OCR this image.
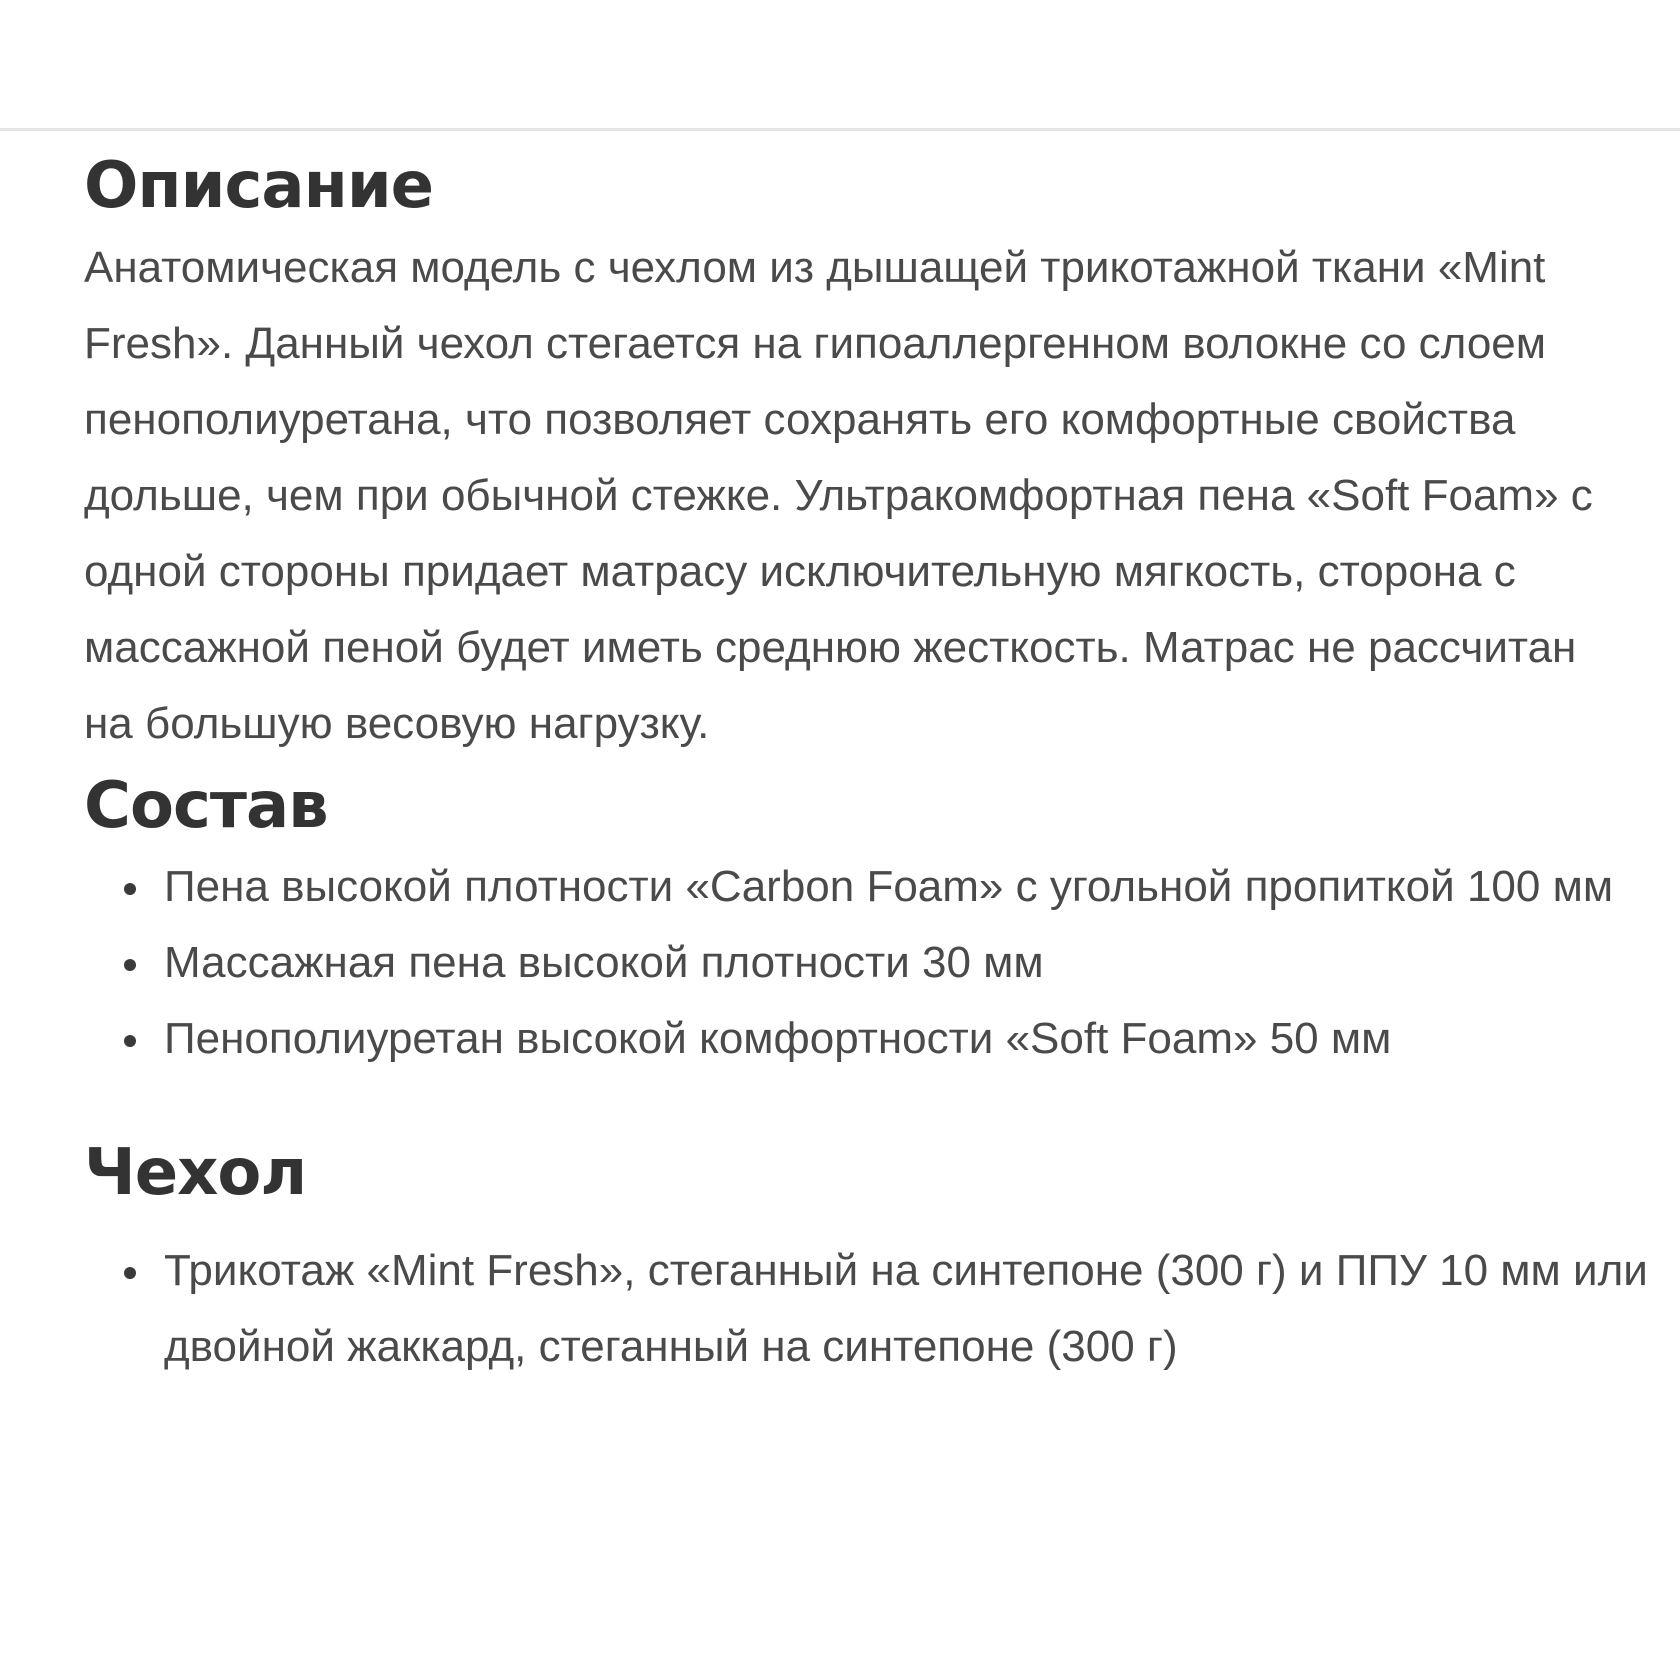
Описание

Анатомическая модель с чехлом из дышащей трикотажной ткани «Mint Fresh». Данный чехол стегается на гипоаллергенном волокне со слоем пенополиуретана, что позволяет сохранять его комфортные свойства дольше, чем при обычной стежке. Ультракомфортная пена «Soft Foam» с одной стороны придает матрасу исключительную мягкость, сторона с массажной пеной будет иметь среднюю жесткость. Матрас не рассчитан на большую весовую нагрузку.

Состав
Пена высокой плотности «Carbon Foam» с угольной пропиткой 100 мм
Массажная пена высокой плотности 30 мм
Пенополиуретан высокой комфортности «Soft Foam» 50 мм
Чехол
Трикотаж «Mint Fresh», стеганный на синтепоне (300 г) и ППУ 10 мм или двойной жаккард, стеганный на синтепоне (300 г)
